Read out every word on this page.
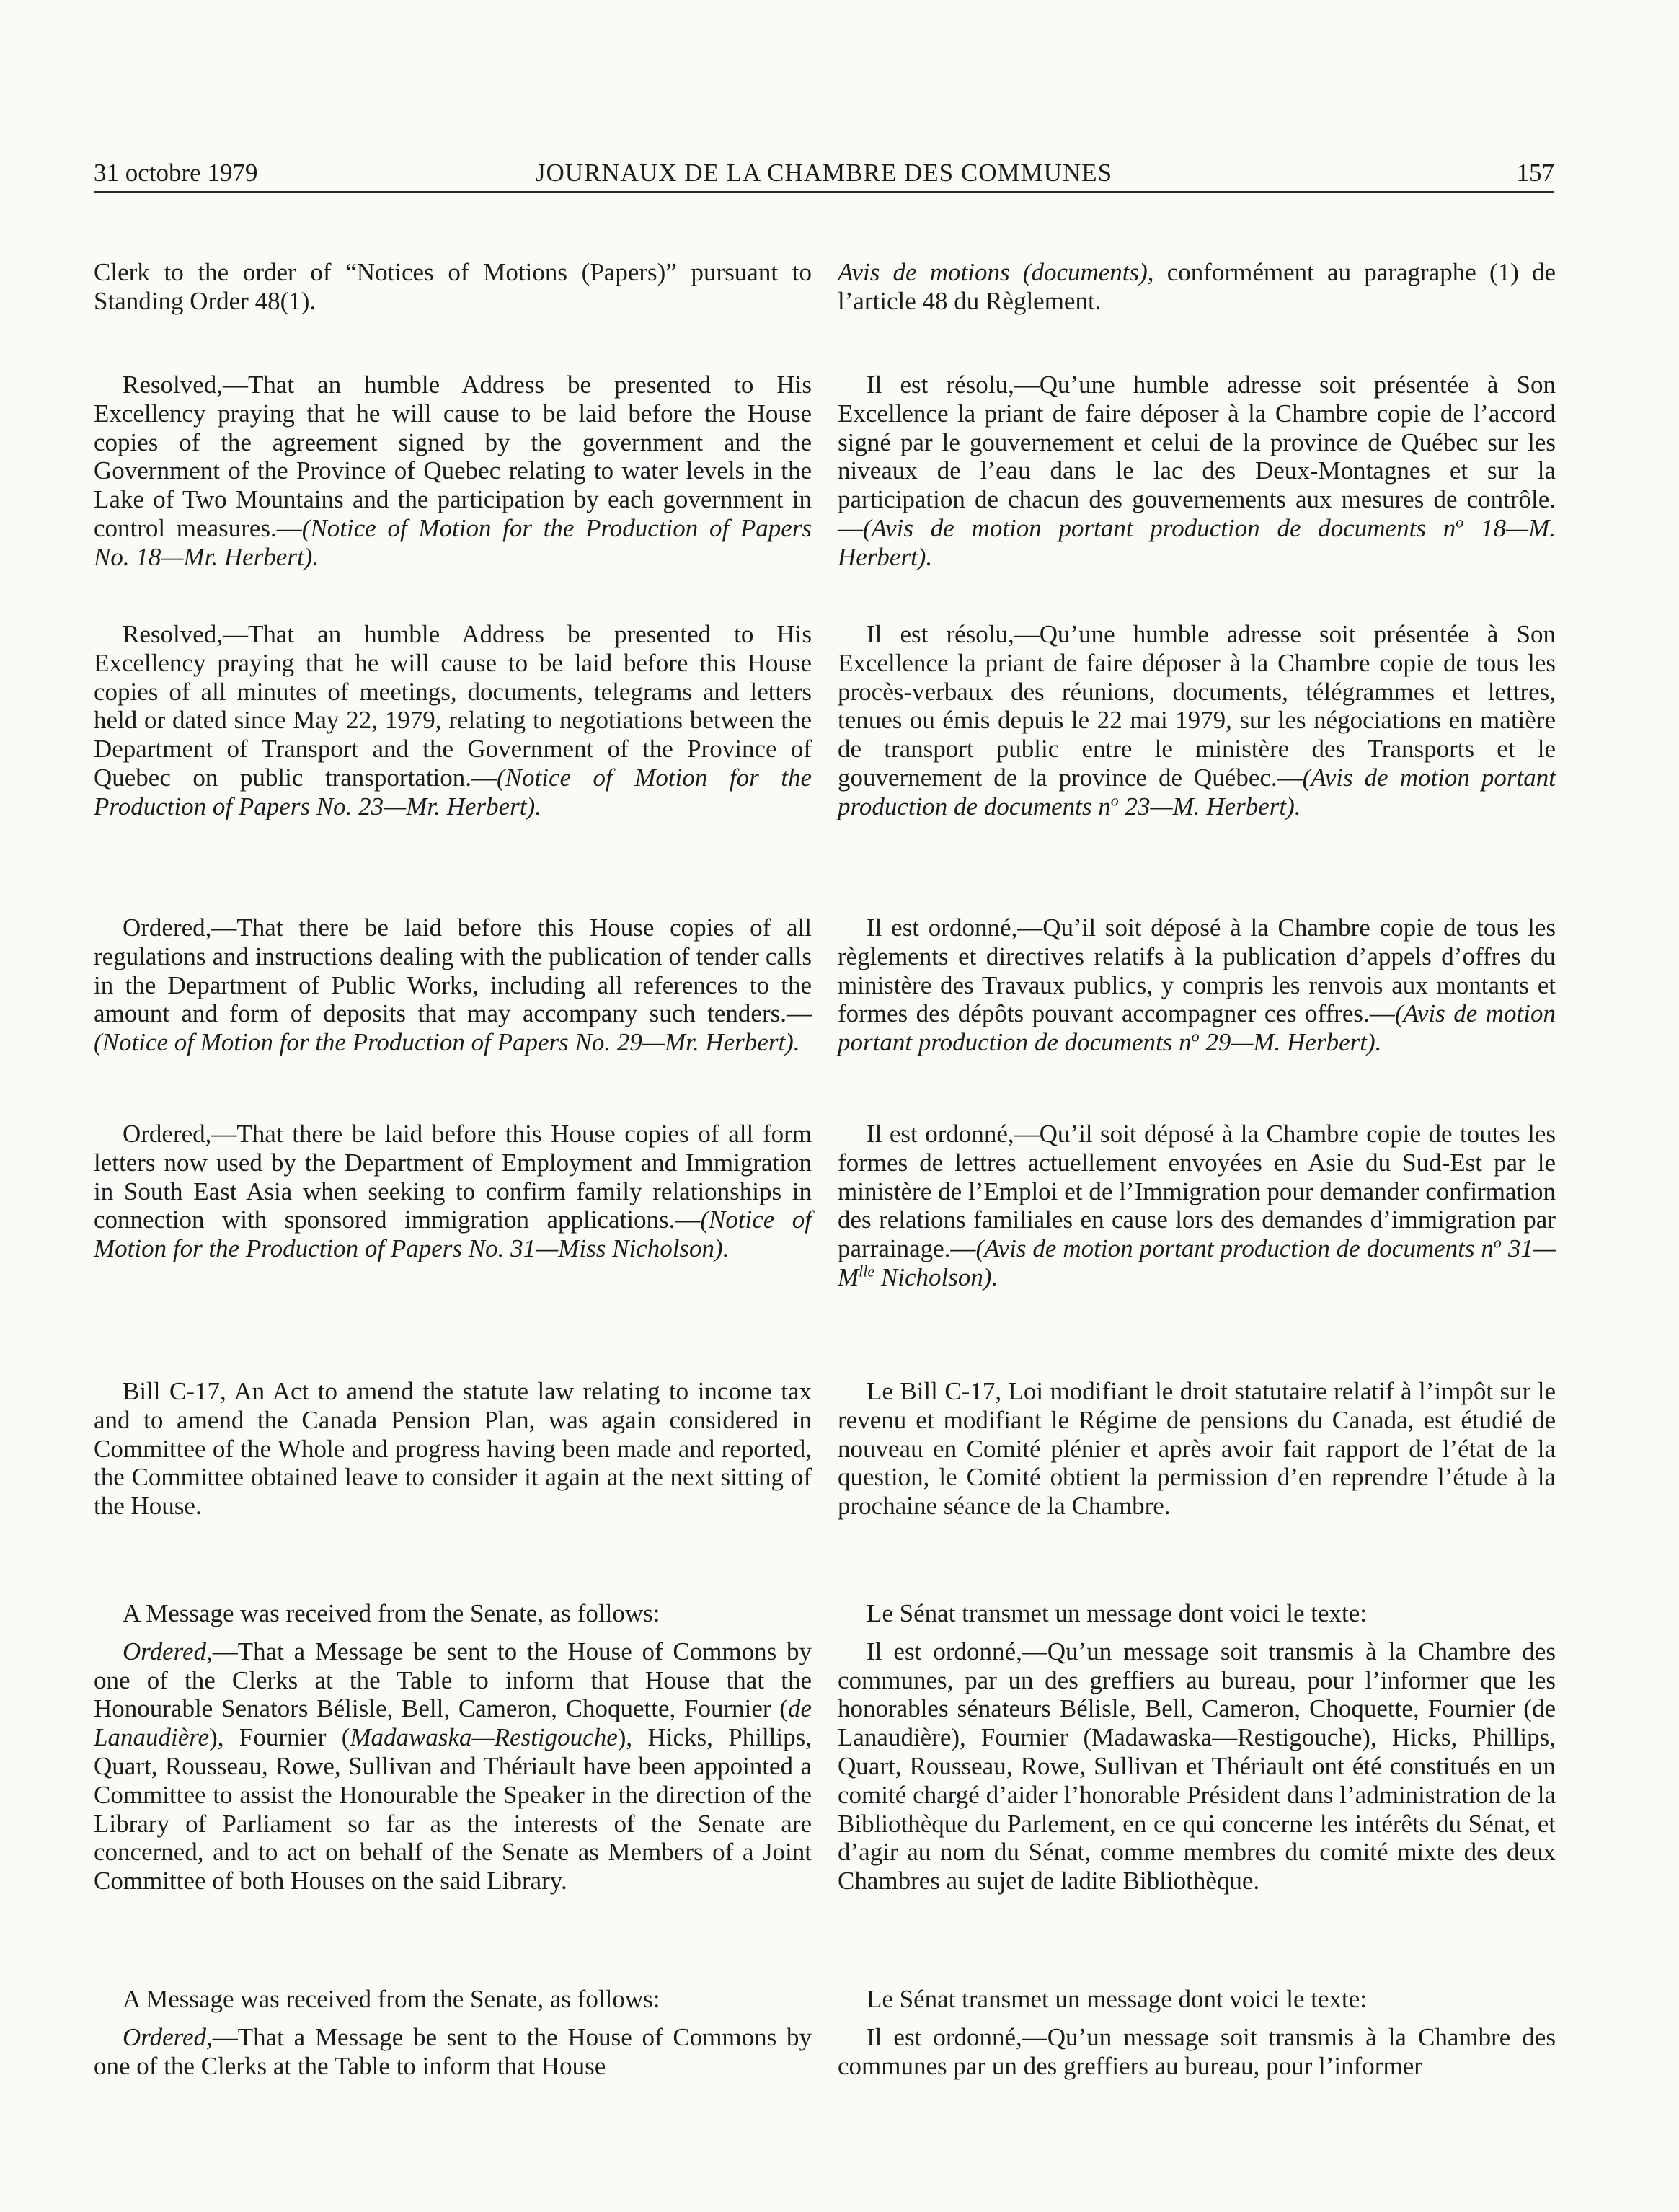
31 octobre 1979	JOURNAUX DE LA CHAMBRE DES COMMUNES	157

Clerk to the order of “Notices of Motions (Papers)” pursuant to Standing Order 48(1).

Resolved,—That an humble Address be presented to His Excellency praying that he will cause to be laid before the House copies of the agreement signed by the government and the Government of the Province of Quebec relating to water levels in the Lake of Two Mountains and the participation by each government in control measures.—(Notice of Motion for the Production of Papers No. 18—Mr. Herbert).

Resolved,—That an humble Address be presented to His Excellency praying that he will cause to be laid before this House copies of all minutes of meetings, documents, telegrams and letters held or dated since May 22, 1979, relating to negotiations between the Department of Transport and the Government of the Province of Quebec on public transportation.—(Notice of Motion for the Production of Papers No. 23—Mr. Herbert).

Ordered,—That there be laid before this House copies of all regulations and instructions dealing with the publication of tender calls in the Department of Public Works, including all references to the amount and form of deposits that may accompany such tenders.—(Notice of Motion for the Production of Papers No. 29—Mr. Herbert).

Ordered,—That there be laid before this House copies of all form letters now used by the Department of Employment and Immigration in South East Asia when seeking to confirm family relationships in connection with sponsored immigration applications.—(Notice of Motion for the Production of Papers No. 31—Miss Nicholson).

Bill C-17, An Act to amend the statute law relating to income tax and to amend the Canada Pension Plan, was again considered in Committee of the Whole and progress having been made and reported, the Committee obtained leave to consider it again at the next sitting of the House.

A Message was received from the Senate, as follows:

Ordered,—That a Message be sent to the House of Commons by one of the Clerks at the Table to inform that House that the Honourable Senators Bélisle, Bell, Cameron, Choquette, Fournier (de Lanaudière), Fournier (Madawaska—Restigouche), Hicks, Phillips, Quart, Rousseau, Rowe, Sullivan and Thériault have been appointed a Committee to assist the Honourable the Speaker in the direction of the Library of Parliament so far as the interests of the Senate are concerned, and to act on behalf of the Senate as Members of a Joint Committee of both Houses on the said Library.

A Message was received from the Senate, as follows:

Ordered,—That a Message be sent to the House of Commons by one of the Clerks at the Table to inform that House

Avis de motions (documents), conformément au paragraphe (1) de l’article 48 du Règlement.

Il est résolu,—Qu’une humble adresse soit présentée à Son Excellence la priant de faire déposer à la Chambre copie de l’accord signé par le gouvernement et celui de la province de Québec sur les niveaux de l’eau dans le lac des Deux-Montagnes et sur la participation de chacun des gouvernements aux mesures de contrôle.—(Avis de motion portant production de documents $n^o$ 18—M. Herbert).

Il est résolu,—Qu’une humble adresse soit présentée à Son Excellence la priant de faire déposer à la Chambre copie de tous les procès-verbaux des réunions, documents, télégrammes et lettres, tenues ou émis depuis le 22 mai 1979, sur les négociations en matière de transport public entre le ministère des Transports et le gouvernement de la province de Québec.—(Avis de motion portant production de documents $n^o$ 23—M. Herbert).

Il est ordonné,—Qu’il soit déposé à la Chambre copie de tous les règlements et directives relatifs à la publication d’appels d’offres du ministère des Travaux publics, y compris les renvois aux montants et formes des dépôts pouvant accompagner ces offres.—(Avis de motion portant production de documents $n^o$ 29—M. Herbert).

Il est ordonné,—Qu’il soit déposé à la Chambre copie de toutes les formes de lettres actuellement envoyées en Asie du Sud-Est par le ministère de l’Emploi et de l’Immigration pour demander confirmation des relations familiales en cause lors des demandes d’immigration par parrainage.—(Avis de motion portant production de documents $n^o$ $31—M^{lle}$ Nicholson).

Le Bill C-17, Loi modifiant le droit statutaire relatif à l’impôt sur le revenu et modifiant le Régime de pensions du Canada, est étudié de nouveau en Comité plénier et après avoir fait rapport de l’état de la question, le Comité obtient la permission d’en reprendre l’étude à la prochaine séance de la Chambre.

Le Sénat transmet un message dont voici le texte:

Il est ordonné,—Qu’un message soit transmis à la Chambre des communes, par un des greffiers au bureau, pour l’informer que les honorables sénateurs Bélisle, Bell, Cameron, Choquette, Fournier (de Lanaudière), Fournier (Madawaska—Restigouche), Hicks, Phillips, Quart, Rousseau, Rowe, Sullivan et Thériault ont été constitués en un comité chargé d’aider l’honorable Président dans l’administration de la Bibliothèque du Parlement, en ce qui concerne les intérêts du Sénat, et d’agir au nom du Sénat, comme membres du comité mixte des deux Chambres au sujet de ladite Bibliothèque.

Le Sénat transmet un message dont voici le texte:

Il est ordonné,—Qu’un message soit transmis à la Chambre des communes par un des greffiers au bureau, pour l’informer
